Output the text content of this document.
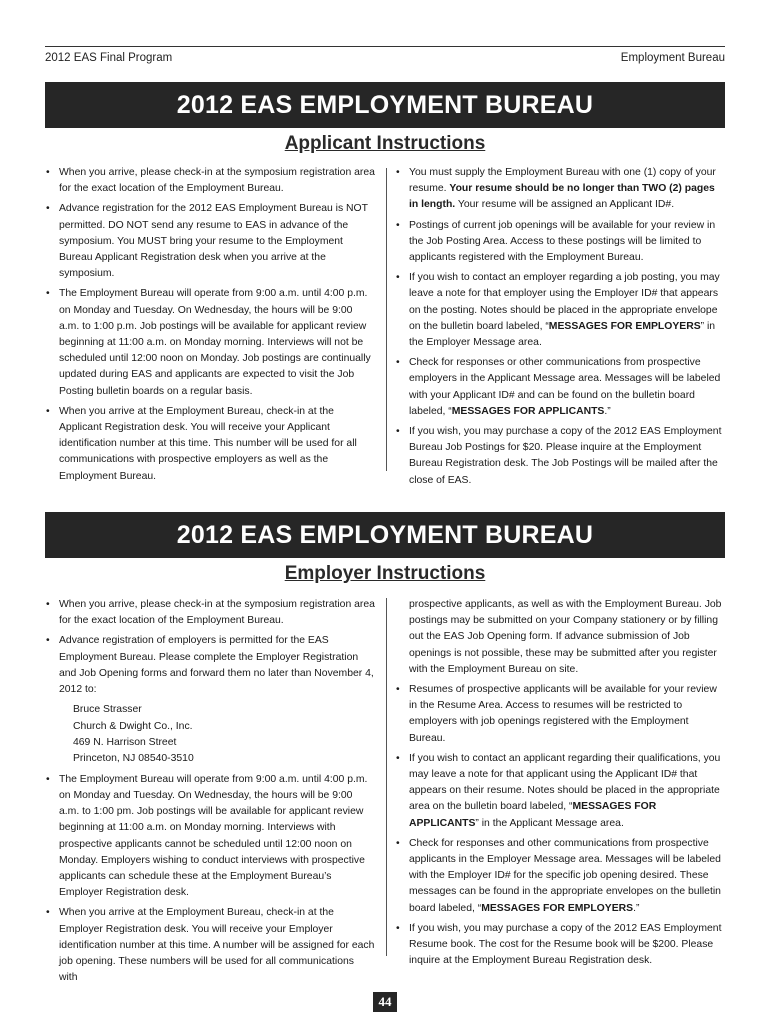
2012 EAS Final Program	Employment Bureau
2012 EAS EMPLOYMENT BUREAU
Applicant Instructions
• When you arrive, please check-in at the symposium registration area for the exact location of the Employment Bureau.
• Advance registration for the 2012 EAS Employment Bureau is NOT permitted. DO NOT send any resume to EAS in advance of the symposium. You MUST bring your resume to the Employment Bureau Applicant Registration desk when you arrive at the symposium.
• The Employment Bureau will operate from 9:00 a.m. until 4:00 p.m. on Monday and Tuesday. On Wednesday, the hours will be 9:00 a.m. to 1:00 p.m. Job postings will be available for applicant review beginning at 11:00 a.m. on Monday morning. Interviews will not be scheduled until 12:00 noon on Monday. Job postings are continually updated during EAS and applicants are expected to visit the Job Posting bulletin boards on a regular basis.
• When you arrive at the Employment Bureau, check-in at the Applicant Registration desk. You will receive your Applicant identification number at this time. This number will be used for all communications with prospective employers as well as the Employment Bureau.
• You must supply the Employment Bureau with one (1) copy of your resume. Your resume should be no longer than TWO (2) pages in length. Your resume will be assigned an Applicant ID#.
• Postings of current job openings will be available for your review in the Job Posting Area. Access to these postings will be limited to applicants registered with the Employment Bureau.
• If you wish to contact an employer regarding a job posting, you may leave a note for that employer using the Employer ID# that appears on the posting. Notes should be placed in the appropriate envelope on the bulletin board labeled, “MESSAGES FOR EMPLOYERS” in the Employer Message area.
• Check for responses or other communications from prospective employers in the Applicant Message area. Messages will be labeled with your Applicant ID# and can be found on the bulletin board labeled, “MESSAGES FOR APPLICANTS.”
• If you wish, you may purchase a copy of the 2012 EAS Employment Bureau Job Postings for $20. Please inquire at the Employment Bureau Registration desk. The Job Postings will be mailed after the close of EAS.
2012 EAS EMPLOYMENT BUREAU
Employer Instructions
• When you arrive, please check-in at the symposium registration area for the exact location of the Employment Bureau.
• Advance registration of employers is permitted for the EAS Employment Bureau. Please complete the Employer Registration and Job Opening forms and forward them no later than November 4, 2012 to:
Bruce Strasser
Church & Dwight Co., Inc.
469 N. Harrison Street
Princeton, NJ 08540-3510
• The Employment Bureau will operate from 9:00 a.m. until 4:00 p.m. on Monday and Tuesday. On Wednesday, the hours will be 9:00 a.m. to 1:00 pm. Job postings will be available for applicant review beginning at 11:00 a.m. on Monday morning. Interviews with prospective applicants cannot be scheduled until 12:00 noon on Monday. Employers wishing to conduct interviews with prospective applicants can schedule these at the Employment Bureau’s Employer Registration desk.
• When you arrive at the Employment Bureau, check-in at the Employer Registration desk. You will receive your Employer identification number at this time. A number will be assigned for each job opening. These numbers will be used for all communications with
prospective applicants, as well as with the Employment Bureau. Job postings may be submitted on your Company stationery or by filling out the EAS Job Opening form. If advance submission of Job openings is not possible, these may be submitted after you register with the Employment Bureau on site.
• Resumes of prospective applicants will be available for your review in the Resume Area. Access to resumes will be restricted to employers with job openings registered with the Employment Bureau.
• If you wish to contact an applicant regarding their qualifications, you may leave a note for that applicant using the Applicant ID# that appears on their resume. Notes should be placed in the appropriate area on the bulletin board labeled, “MESSAGES FOR APPLICANTS” in the Applicant Message area.
• Check for responses and other communications from prospective applicants in the Employer Message area. Messages will be labeled with the Employer ID# for the specific job opening desired. These messages can be found in the appropriate envelopes on the bulletin board labeled, “MESSAGES FOR EMPLOYERS.”
• If you wish, you may purchase a copy of the 2012 EAS Employment Resume book. The cost for the Resume book will be $200. Please inquire at the Employment Bureau Registration desk.
44
